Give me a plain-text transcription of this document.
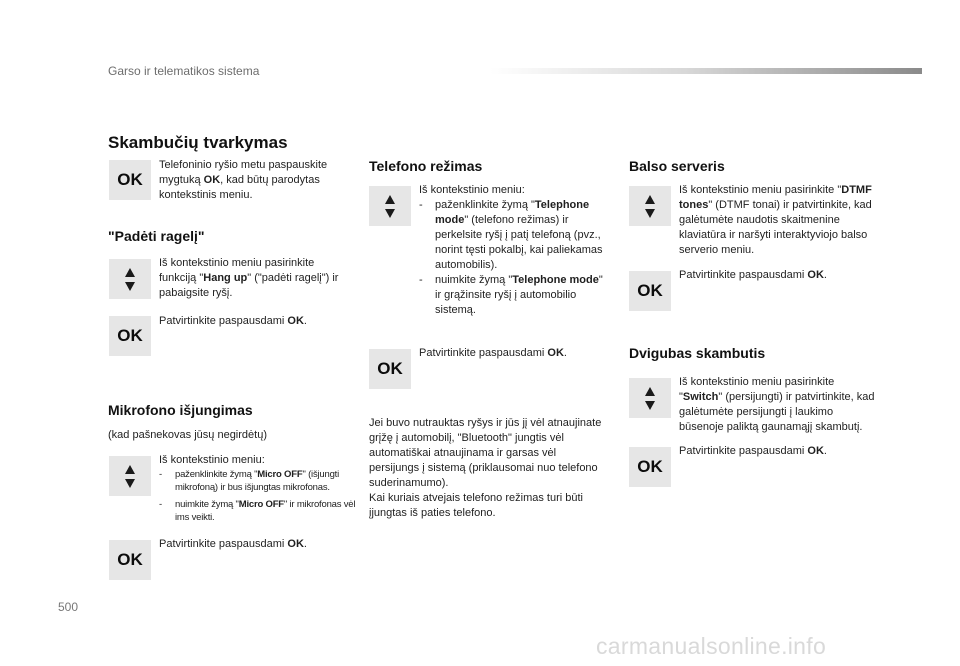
Garso ir telematikos sistema
Skambučių tvarkymas
OK
Telefoninio ryšio metu paspauskite mygtuką OK, kad būtų parodytas kontekstinis meniu.
"Padėti ragelį"
Iš kontekstinio meniu pasirinkite funkciją "Hang up" ("padėti ragelį") ir pabaigsite ryšį.
OK
Patvirtinkite paspausdami OK.
Mikrofono išjungimas
(kad pašnekovas jūsų negirdėtų)
Iš kontekstinio meniu:
- paženklinkite žymą "Micro OFF" (išjungti mikrofoną) ir bus išjungtas mikrofonas.
- nuimkite žymą "Micro OFF" ir mikrofonas vėl ims veikti.
OK
Patvirtinkite paspausdami OK.
Telefono režimas
Iš kontekstinio meniu:
- paženklinkite žymą "Telephone mode" (telefono režimas) ir perkelsite ryšį į patį telefoną (pvz., norint tęsti pokalbį, kai paliekamas automobilis).
- nuimkite žymą "Telephone mode" ir grąžinsite ryšį į automobilio sistemą.
OK
Patvirtinkite paspausdami OK.
Jei buvo nutrauktas ryšys ir jūs jį vėl atnaujinate grįžę į automobilį, "Bluetooth" jungtis vėl automatiškai atnaujinama ir garsas vėl persijungs į sistemą (priklausomai nuo telefono suderinamumo).
Kai kuriais atvejais telefono režimas turi būti įjungtas iš paties telefono.
Balso serveris
Iš kontekstinio meniu pasirinkite "DTMF tones" (DTMF tonai) ir patvirtinkite, kad galėtumėte naudotis skaitmenine klaviatūra ir naršyti interaktyviojo balso serverio meniu.
OK
Patvirtinkite paspausdami OK.
Dvigubas skambutis
Iš kontekstinio meniu pasirinkite "Switch" (persijungti) ir patvirtinkite, kad galėtumėte persijungti į laukimo būsenoje paliktą gaunamąjį skambutį.
OK
Patvirtinkite paspausdami OK.
500
carmanualsonline.info
